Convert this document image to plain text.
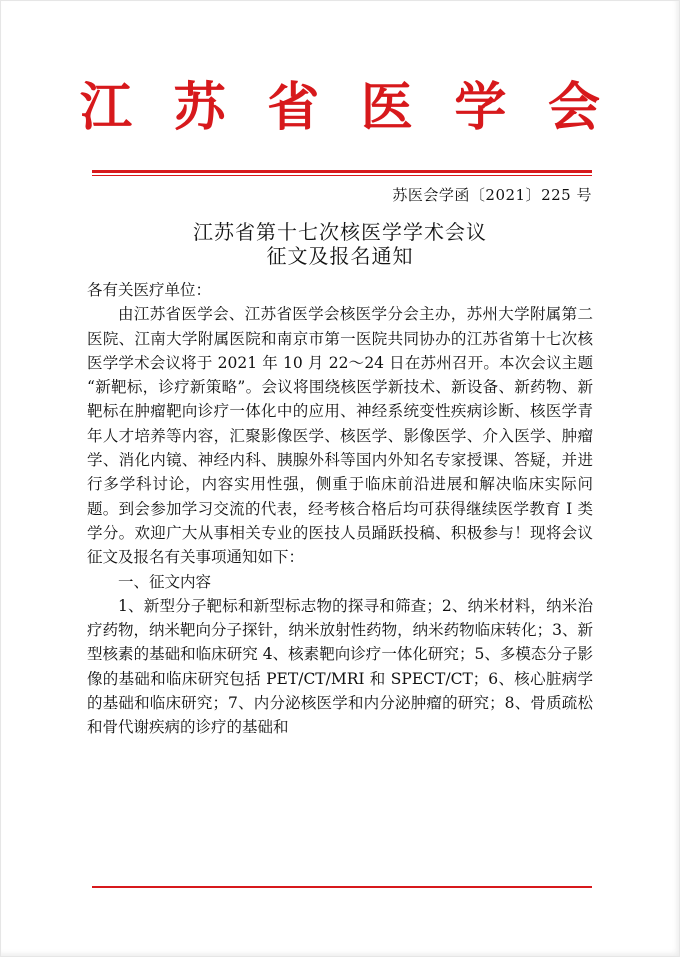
江 苏 省 医 学 会
苏医会学函〔2021〕225 号
江苏省第十七次核医学学术会议
征文及报名通知

各有关医疗单位：

由江苏省医学会、江苏省医学会核医学分会主办，苏州大学附属第二医院、江南大学附属医院和南京市第一医院共同协办的江苏省第十七次核医学学术会议将于 2021 年 10 月 22～24 日在苏州召开。本次会议主题 “新靶标，诊疗新策略”。会议将围绕核医学新技术、新设备、新药物、新靶标在肿瘤靶向诊疗一体化中的应用、神经系统变性疾病诊断、核医学青年人才培养等内容，汇聚影像医学、核医学、影像医学、介入医学、肿瘤学、消化内镜、神经内科、胰腺外科等国内外知名专家授课、答疑，并进行多学科讨论，内容实用性强，侧重于临床前沿进展和解决临床实际问题。到会参加学习交流的代表，经考核合格后均可获得继续医学教育 I 类学分。欢迎广大从事相关专业的医技人员踊跃投稿、积极参与！现将会议征文及报名有关事项通知如下：

一、征文内容

1、新型分子靶标和新型标志物的探寻和筛查；2、纳米材料，纳米治疗药物，纳米靶向分子探针，纳米放射性药物，纳米药物临床转化；3、新型核素的基础和临床研究 4、核素靶向诊疗一体化研究；5、多模态分子影像的基础和临床研究包括 PET/CT/MRI 和 SPECT/CT；6、核心脏病学的基础和临床研究；7、内分泌核医学和内分泌肿瘤的研究；8、骨质疏松和骨代谢疾病的诊疗的基础和
